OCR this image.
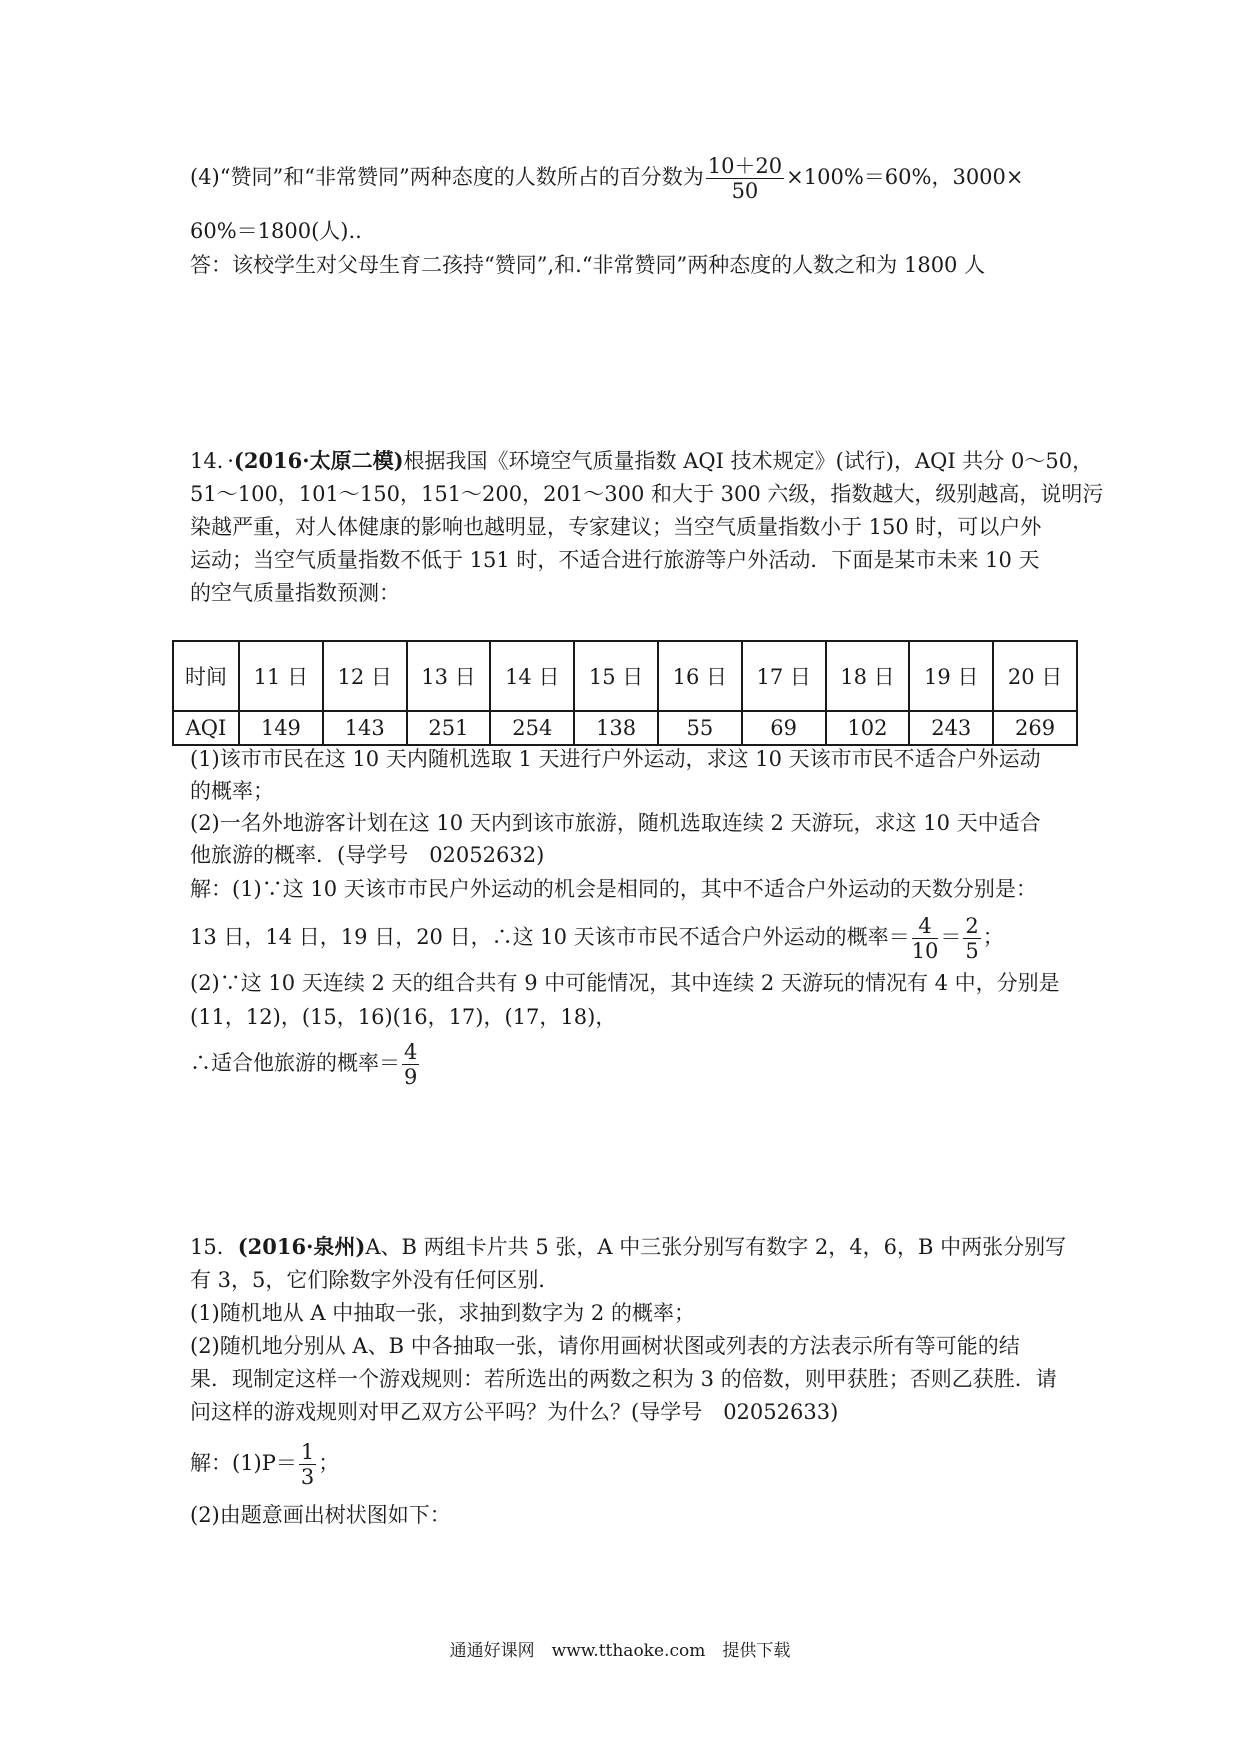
(4)“赞同”和“非常赞同”两种态度的人数所占的百分数为 $\frac{10+20}{50} \times 100\%=60\%$，3000×
60%＝1800(人)..
答：该校学生对父母生育二孩持“赞同”,和.“非常赞同”两种态度的人数之和为 1800 人
14．·(2016·太原二模)根据我国《环境空气质量指数 AQI 技术规定》(试行)，AQI 共分 0～50，
51～100，101～150，151～200，201～300 和大于 300 六级，指数越大，级别越高，说明污
染越严重，对人体健康的影响也越明显，专家建议；当空气质量指数小于 150 时，可以户外
运动；当空气质量指数不低于 151 时，不适合进行旅游等户外活动．下面是某市未来 10 天
的空气质量指数预测：
时间	11 日	12 日	13 日	14 日	15 日	16 日	17 日	18 日	19 日	20 日
AQI	149	143	251	254	138	55	69	102	243	269
(1)该市市民在这 10 天内随机选取 1 天进行户外运动，求这 10 天该市市民不适合户外运动
的概率；
(2)一名外地游客计划在这 10 天内到该市旅游，随机选取连续 2 天游玩，求这 10 天中适合
他旅游的概率．(导学号　02052632)
解：(1)∵这 10 天该市市民户外运动的机会是相同的，其中不适合户外运动的天数分别是：
13 日，14 日，19 日，20 日，∴这 10 天该市市民不适合户外运动的概率＝ $\frac{4}{10} = \frac{2}{5}$ ；
(2)∵这 10 天连续 2 天的组合共有 9 中可能情况，其中连续 2 天游玩的情况有 4 中，分别是
(11，12)，(15，16)(16，17)，(17，18)，
∴适合他旅游的概率＝ $\frac{4}{9}$
15．(2016·泉州)A、B 两组卡片共 5 张，A 中三张分别写有数字 2，4，6，B 中两张分别写
有 3，5，它们除数字外没有任何区别．
(1)随机地从 A 中抽取一张，求抽到数字为 2 的概率；
(2)随机地分别从 A、B 中各抽取一张，请你用画树状图或列表的方法表示所有等可能的结
果．现制定这样一个游戏规则：若所选出的两数之积为 3 的倍数，则甲获胜；否则乙获胜．请
问这样的游戏规则对甲乙双方公平吗？为什么？(导学号　02052633)
解：$(1)P= \frac{1}{3}$ ；
(2)由题意画出树状图如下：
通通好课网　www.tthaoke.com　提供下载
